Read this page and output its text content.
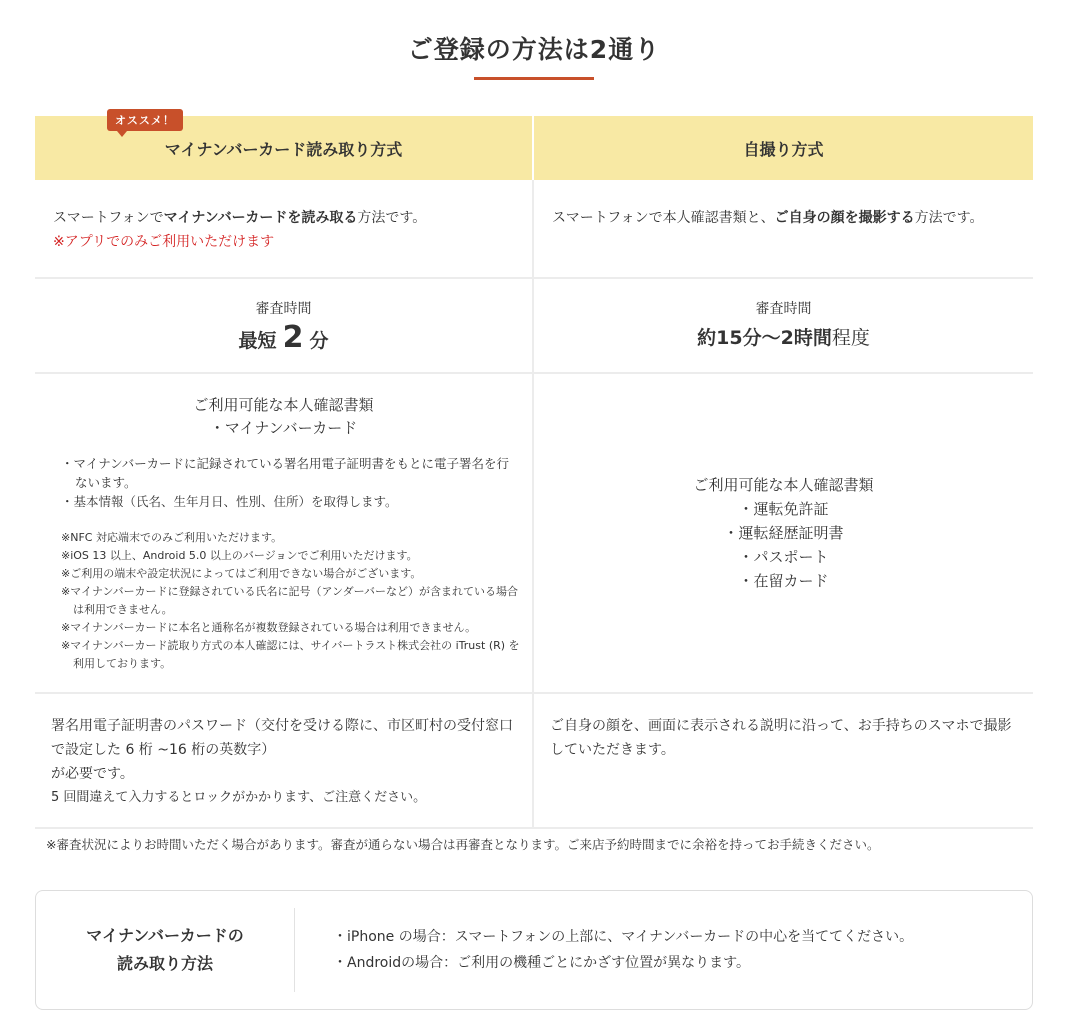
ご登録の方法は2通り
オススメ！
マイナンバーカード読み取り方式	自撮り方式
スマートフォンでマイナンバーカードを読み取る方法です。
※アプリでのみご利用いただけます
スマートフォンで本人確認書類と、ご自身の顔を撮影する方法です。
審査時間
最短 2 分
審査時間
約15分〜2時間程度
ご利用可能な本人確認書類
・マイナンバーカード
・マイナンバーカードに記録されている署名用電子証明書をもとに電子署名を行ないます。
・基本情報（氏名、生年月日、性別、住所）を取得します。
※NFC 対応端末でのみご利用いただけます。
※iOS 13 以上、Android 5.0 以上のバージョンでご利用いただけます。
※ご利用の端末や設定状況によってはご利用できない場合がございます。
※マイナンバーカードに登録されている氏名に記号（アンダーバーなど）が含まれている場合は利用できません。
※マイナンバーカードに本名と通称名が複数登録されている場合は利用できません。
※マイナンバーカード読取り方式の本人確認には、サイバートラスト株式会社の iTrust (R) を利用しております。
ご利用可能な本人確認書類
・運転免許証
・運転経歴証明書
・パスポート
・在留カード
署名用電子証明書のパスワード（交付を受ける際に、市区町村の受付窓口で設定した 6 桁 ~16 桁の英数字）
が必要です。
5 回間違えて入力するとロックがかかります、ご注意ください。
ご自身の顔を、画面に表示される説明に沿って、お手持ちのスマホで撮影していただきます。
※審査状況によりお時間いただく場合があります。審査が通らない場合は再審査となります。ご来店予約時間までに余裕を持ってお手続きください。
マイナンバーカードの
読み取り方法
・iPhone の場合：スマートフォンの上部に、マイナンバーカードの中心を当ててください。
・Androidの場合：ご利用の機種ごとにかざす位置が異なります。
